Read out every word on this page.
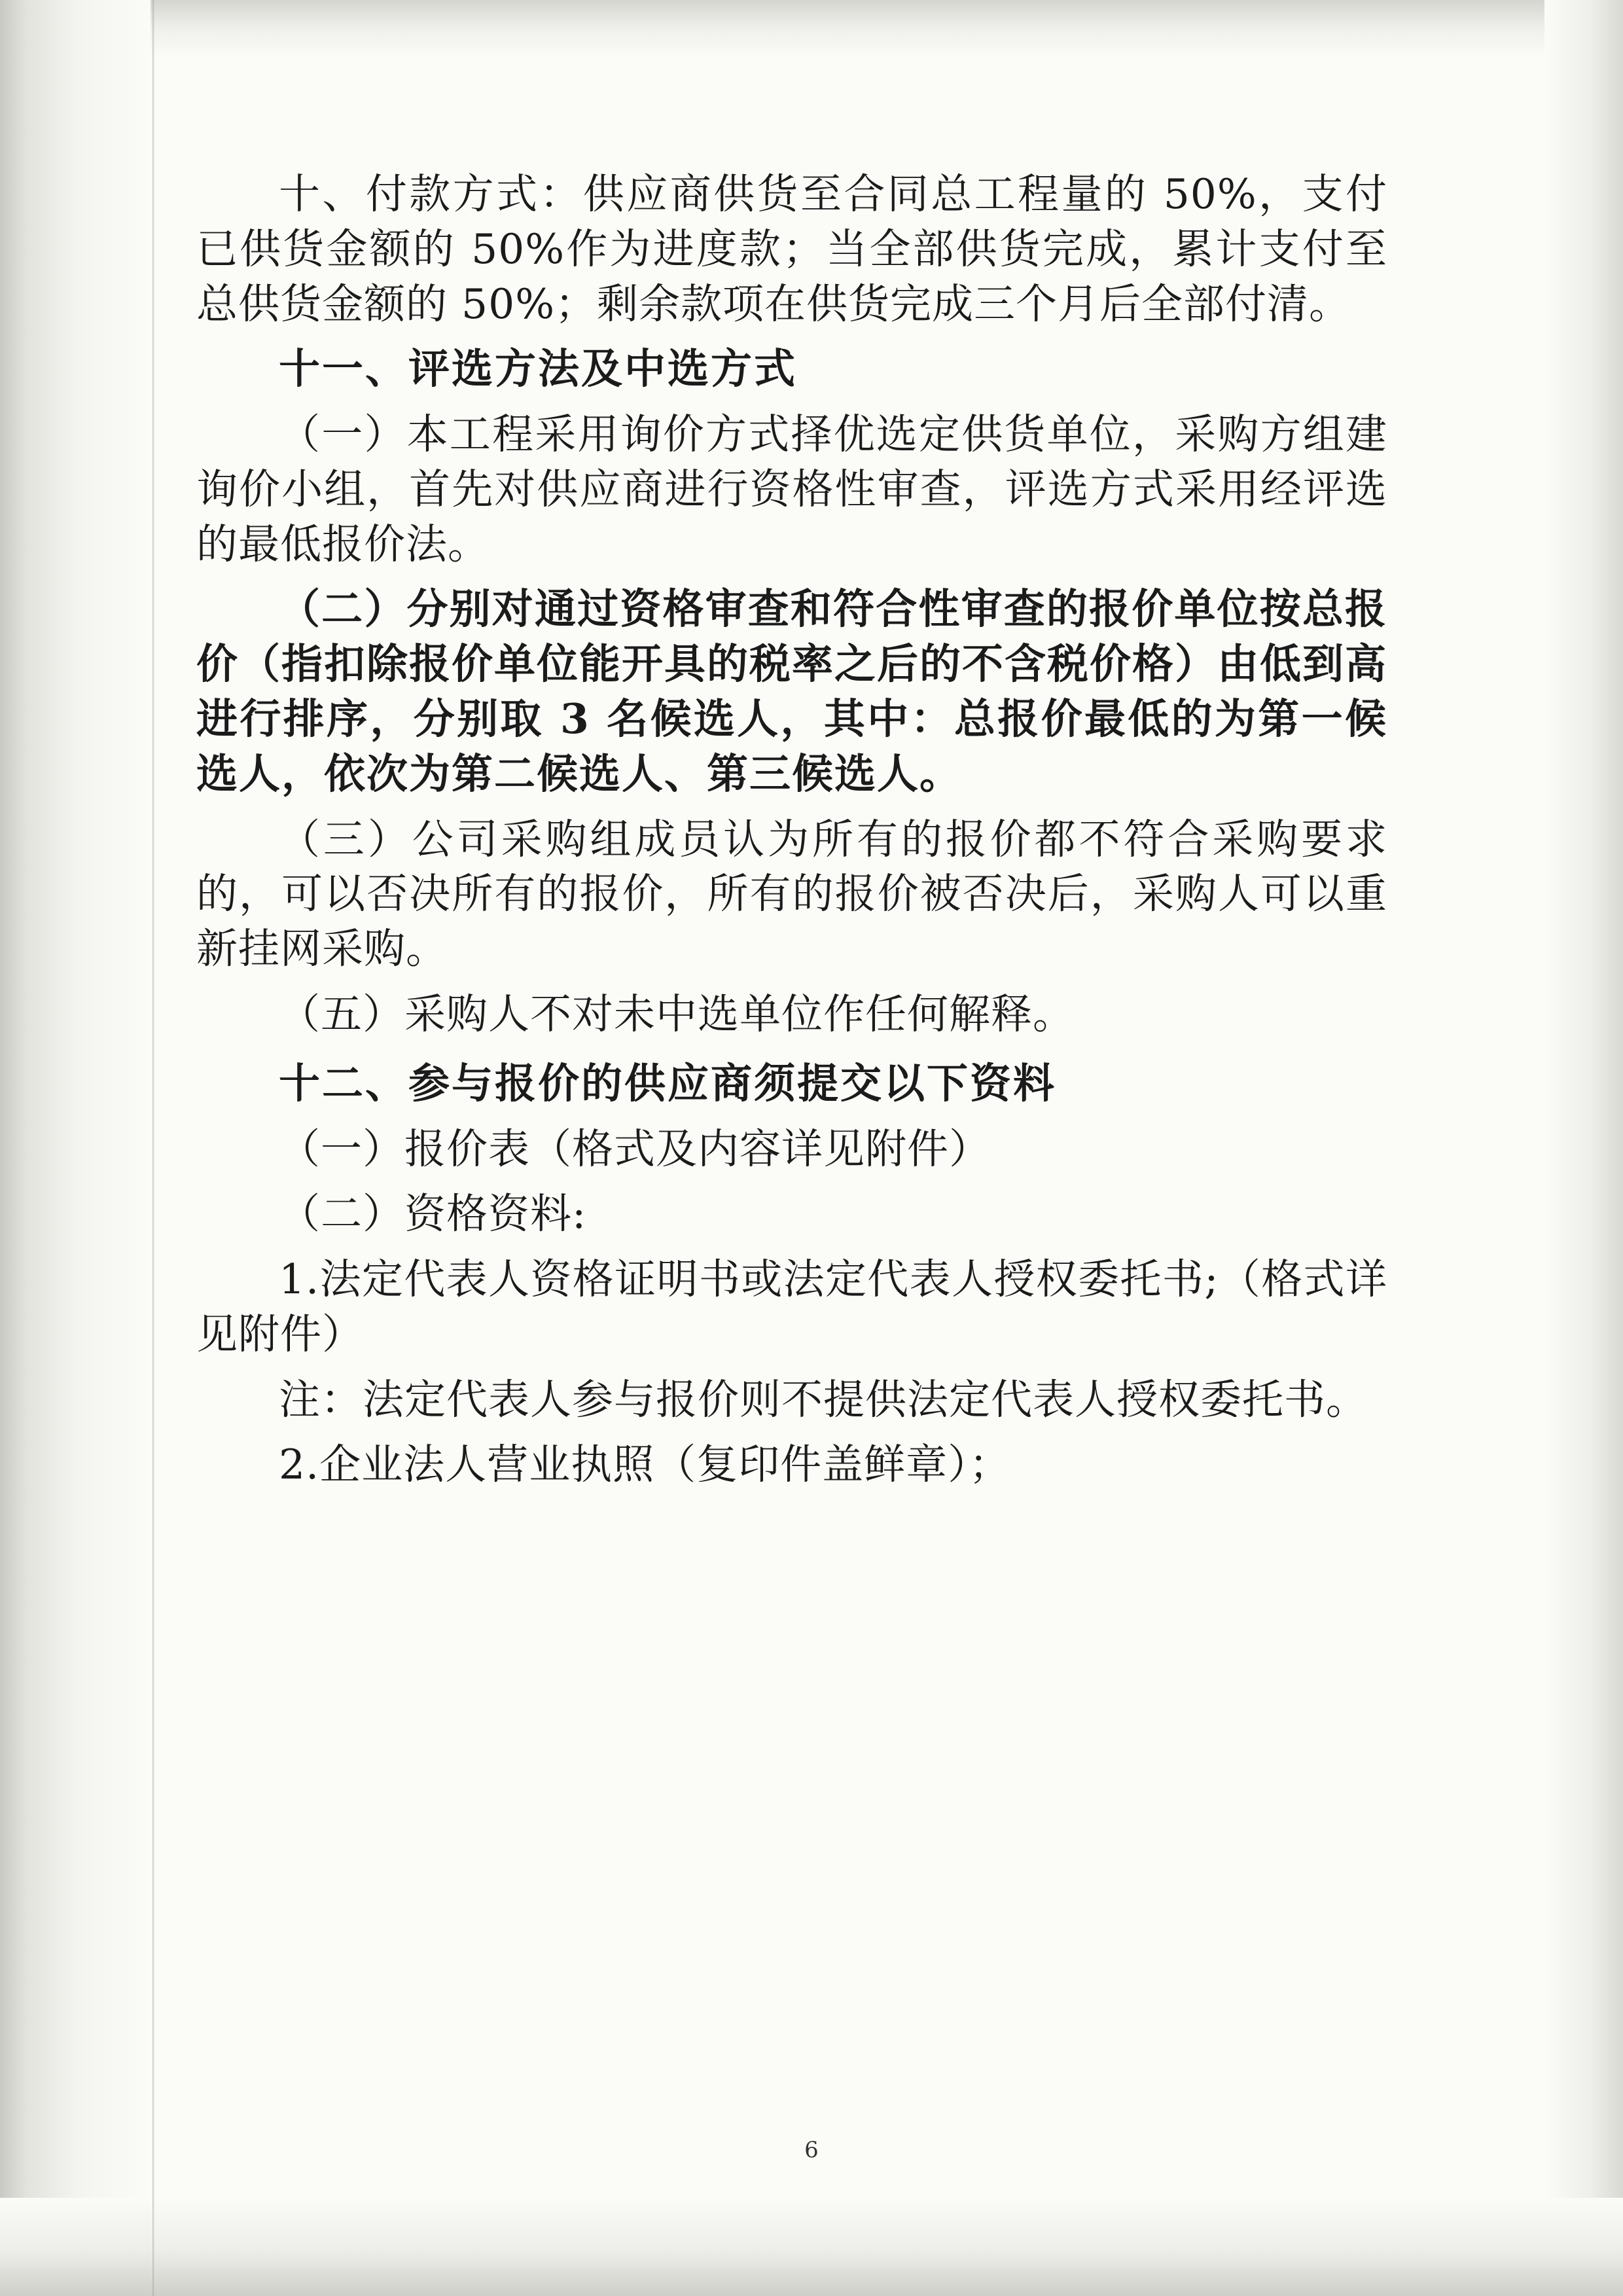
十、付款方式：供应商供货至合同总工程量的 50%，支付已供货金额的 50%作为进度款；当全部供货完成，累计支付至总供货金额的 50%；剩余款项在供货完成三个月后全部付清。

十一、评选方法及中选方式

（一）本工程采用询价方式择优选定供货单位，采购方组建询价小组，首先对供应商进行资格性审查，评选方式采用经评选的最低报价法。

（二）分别对通过资格审查和符合性审查的报价单位按总报价（指扣除报价单位能开具的税率之后的不含税价格）由低到高进行排序，分别取 3 名候选人，其中：总报价最低的为第一候选人，依次为第二候选人、第三候选人。

（三）公司采购组成员认为所有的报价都不符合采购要求的，可以否决所有的报价，所有的报价被否决后，采购人可以重新挂网采购。

（五）采购人不对未中选单位作任何解释。

十二、参与报价的供应商须提交以下资料

（一）报价表（格式及内容详见附件）

（二）资格资料:

1.法定代表人资格证明书或法定代表人授权委托书;（格式详见附件）

注：法定代表人参与报价则不提供法定代表人授权委托书。

2.企业法人营业执照（复印件盖鲜章）；

6
